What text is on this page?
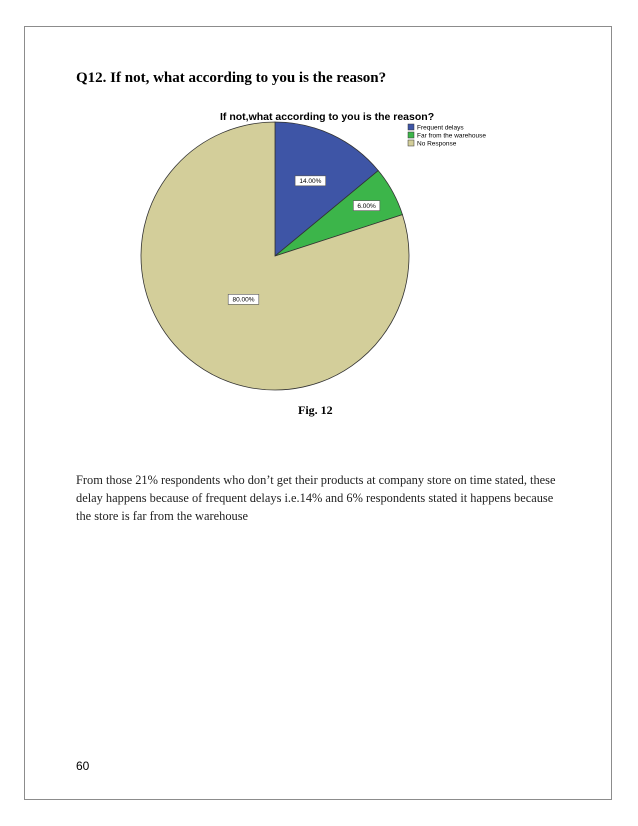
Q12. If not, what according to you is the reason?
If not,what according to you is the reason?
14.00%
6.00%
80.00%
Frequent delays
Far from the warehouse
No Response
Fig. 12

From those 21% respondents who don’t get their products at company store on time stated, these delay happens because of frequent delays i.e.14% and 6% respondents stated it happens because the store is far from the warehouse

60
